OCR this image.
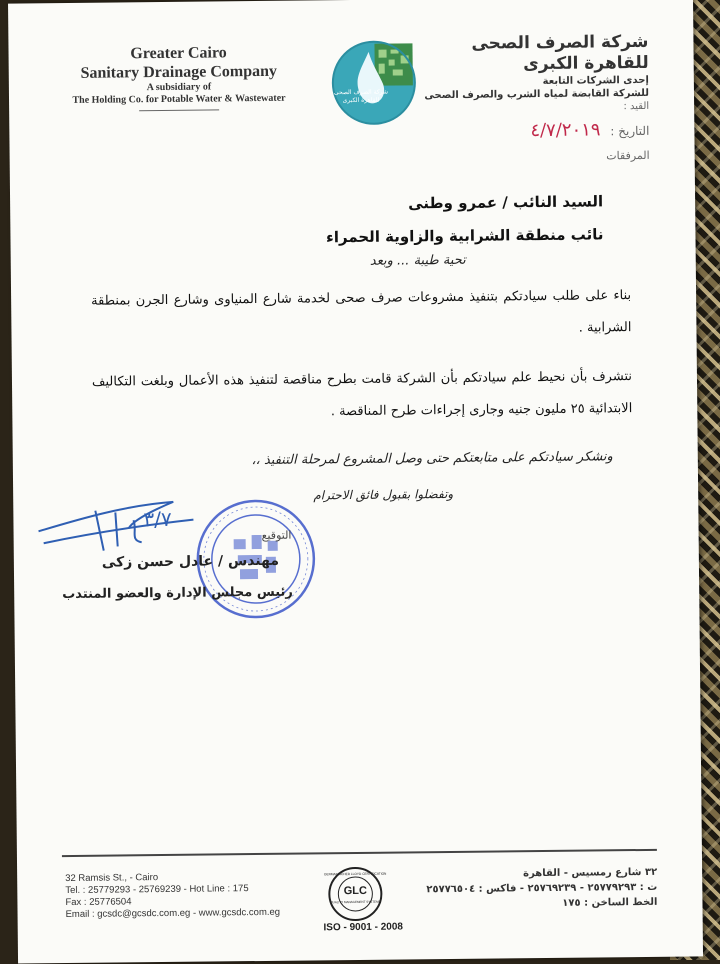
Greater Cairo
Sanitary Drainage Company
A subsidiary of
The Holding Co. for Potable Water & Wastewater
شركة الصرف الصحى
للقاهرة الكبرى
شركة الصرف الصحى
للقاهرة الكبرى
إحدى الشركات التابعة
للشركة القابضة لمياه الشرب والصرف الصحى
القيد :
التاريخ : ٤/٧/٢٠١٩
المرفقات
السيد النائب / عمرو وطنى
نائب منطقة الشرابية والزاوية الحمراء
تحية طيبة ... وبعد
بناء على طلب سيادتكم بتنفيذ مشروعات صرف صحى لخدمة شارع المنياوى وشارع الجرن بمنطقة الشرابية .
نتشرف بأن نحيط علم سيادتكم بأن الشركة قامت بطرح مناقصة لتنفيذ هذه الأعمال وبلغت التكاليف الابتدائية ٢٥ مليون جنيه وجارى إجراءات طرح المناقصة .
ونشكر سيادتكم على متابعتكم حتى وصل المشروع لمرحلة التنفيذ ،،
وتفضلوا بقبول فائق الاحترام
٣/٧
التوقيع
مهندس / عادل حسن زكى
رئيس مجلس الإدارة والعضو المنتدب
32 Ramsis St., - Cairo
Tel. : 25779293 - 25769239 - Hot Line : 175
Fax : 25776504
Email : gcsdc@gcsdc.com.eg - www.gcsdc.com.eg
GLC
GERMANISCHER LLOYD CERTIFICATION
QUALITY MANAGEMENT SYSTEMS
ISO - 9001 - 2008
٣٢ شارع رمسيس - القاهرة
ت : ٢٥٧٧٩٢٩٣ - ٢٥٧٦٩٢٣٩ - فاكس : ٢٥٧٧٦٥٠٤
الخط الساخن : ١٧٥
